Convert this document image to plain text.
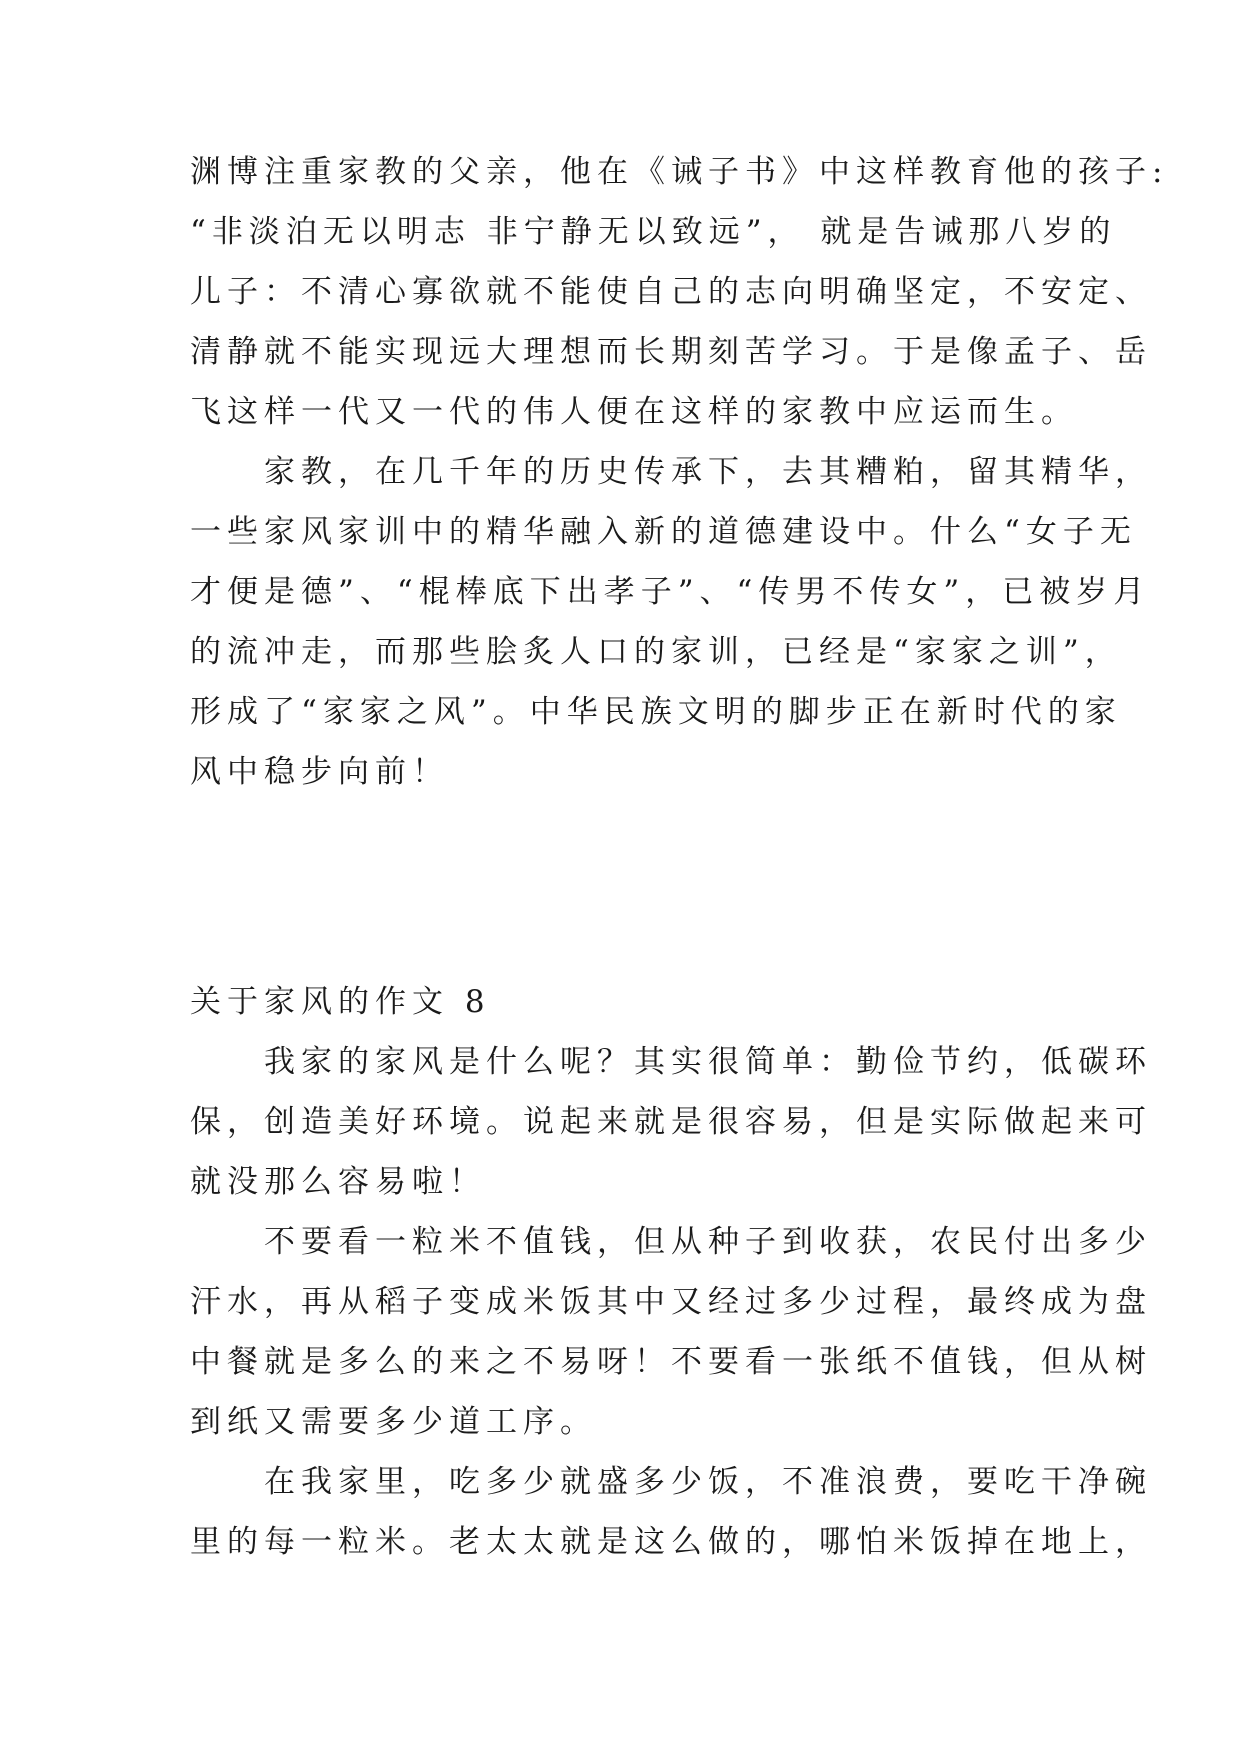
渊博注重家教的父亲，他在《诫子书》中这样教育他的孩子:
“非淡泊无以明志 非宁静无以致远”， 就是告诫那八岁的
儿子：不清心寡欲就不能使自己的志向明确坚定，不安定、
清静就不能实现远大理想而长期刻苦学习。于是像孟子、岳
飞这样一代又一代的伟人便在这样的家教中应运而生。
　　家教，在几千年的历史传承下，去其糟粕，留其精华，
一些家风家训中的精华融入新的道德建设中。什么“女子无
才便是德”、“棍棒底下出孝子”、“传男不传女”，已被岁月
的流冲走，而那些脍炙人口的家训，已经是“家家之训”，
形成了“家家之风”。中华民族文明的脚步正在新时代的家
风中稳步向前！
关于家风的作文 8
　　我家的家风是什么呢？其实很简单：勤俭节约，低碳环
保，创造美好环境。说起来就是很容易，但是实际做起来可
就没那么容易啦！
　　不要看一粒米不值钱，但从种子到收获，农民付出多少
汗水，再从稻子变成米饭其中又经过多少过程，最终成为盘
中餐就是多么的来之不易呀！不要看一张纸不值钱，但从树
到纸又需要多少道工序。
　　在我家里，吃多少就盛多少饭，不准浪费，要吃干净碗
里的每一粒米。老太太就是这么做的，哪怕米饭掉在地上，
